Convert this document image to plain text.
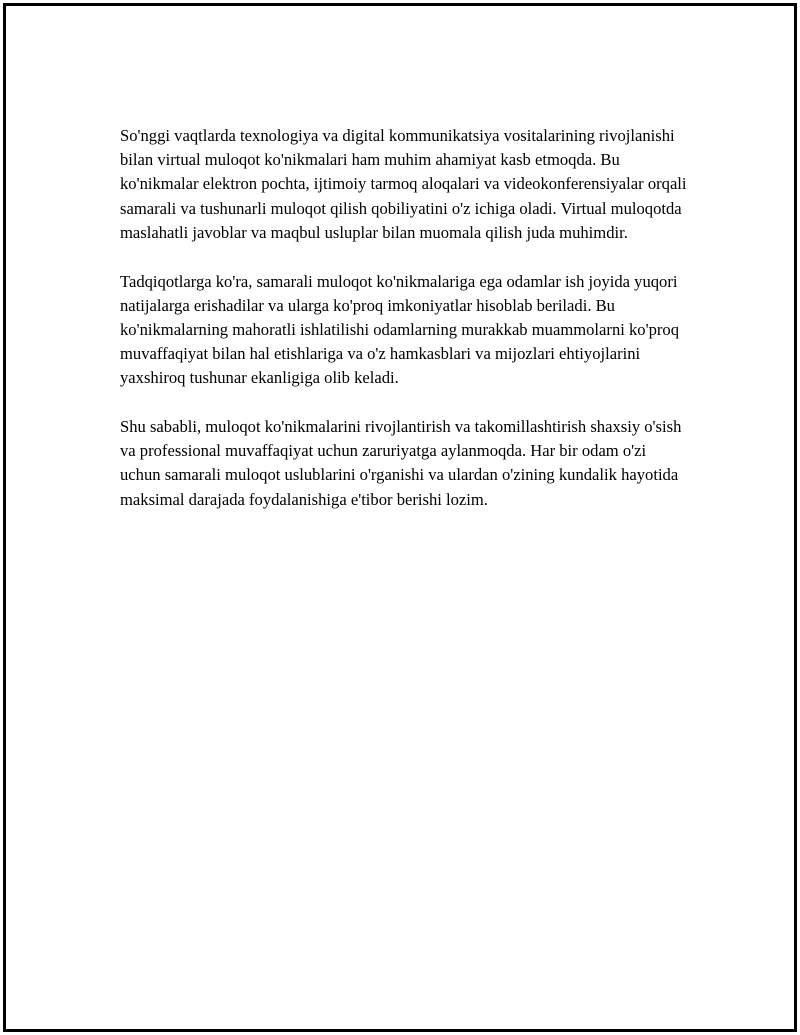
So'nggi vaqtlarda texnologiya va digital kommunikatsiya vositalarining rivojlanishi bilan virtual muloqot ko'nikmalari ham muhim ahamiyat kasb etmoqda. Bu ko'nikmalar elektron pochta, ijtimoiy tarmoq aloqalari va videokonferensiyalar orqali samarali va tushunarli muloqot qilish qobiliyatini o'z ichiga oladi. Virtual muloqotda maslahatli javoblar va maqbul usluplar bilan muomala qilish juda muhimdir.

Tadqiqotlarga ko'ra, samarali muloqot ko'nikmalariga ega odamlar ish joyida yuqori natijalarga erishadilar va ularga ko'proq imkoniyatlar hisoblab beriladi. Bu ko'nikmalarning mahoratli ishlatilishi odamlarning murakkab muammolarni ko'proq muvaffaqiyat bilan hal etishlariga va o'z hamkasblari va mijozlari ehtiyojlarini yaxshiroq tushunar ekanligiga olib keladi.

Shu sababli, muloqot ko'nikmalarini rivojlantirish va takomillashtirish shaxsiy o'sish va professional muvaffaqiyat uchun zaruriyatga aylanmoqda. Har bir odam o'zi uchun samarali muloqot uslublarini o'rganishi va ulardan o'zining kundalik hayotida maksimal darajada foydalanishiga e'tibor berishi lozim.
